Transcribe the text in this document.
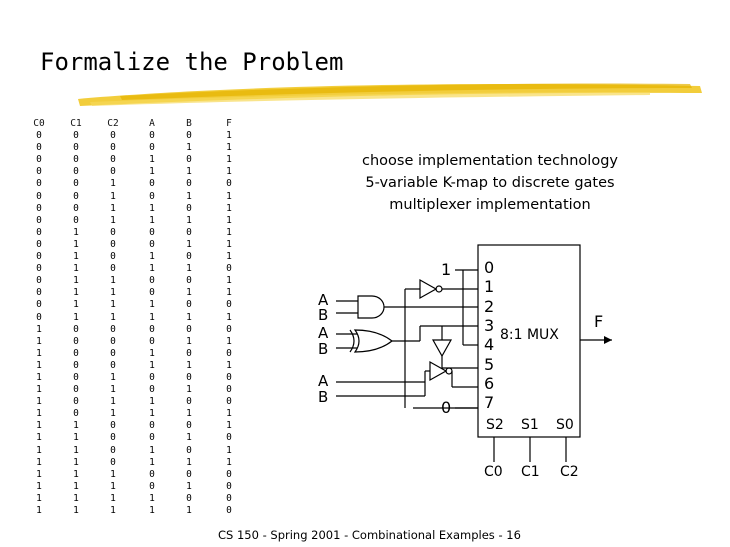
Formalize the Problem
C0
0
0
0
0
0
0
0
0
0
0
0
0
0
0
0
0
1
1
1
1
1
1
1
1
1
1
1
1
1
1
1
1
C1
0
0
0
0
0
0
0
0
1
1
1
1
1
1
1
1
0
0
0
0
0
0
0
0
1
1
1
1
1
1
1
1
C2
0
0
0
0
1
1
1
1
0
0
0
0
1
1
1
1
0
0
0
0
1
1
1
1
0
0
0
0
1
1
1
1
A
0
0
1
1
0
0
1
1
0
0
1
1
0
0
1
1
0
0
1
1
0
0
1
1
0
0
1
1
0
0
1
1
B
0
1
0
1
0
1
0
1
0
1
0
1
0
1
0
1
0
1
0
1
0
1
0
1
0
1
0
1
0
1
0
1
F
1
1
1
1
0
1
1
1
1
1
1
0
1
1
0
1
0
1
0
1
0
0
0
1
1
0
1
1
0
0
0
0
choose implementation technology
5-variable K-map to discrete gates
multiplexer implementation
A
B
A
B
A
B
1
0
0
1
2
3
4
5
6
7
8:1 MUX
F
S2 S1 S0
C0 C1 C2
CS 150 - Spring 2001 - Combinational Examples - 16
